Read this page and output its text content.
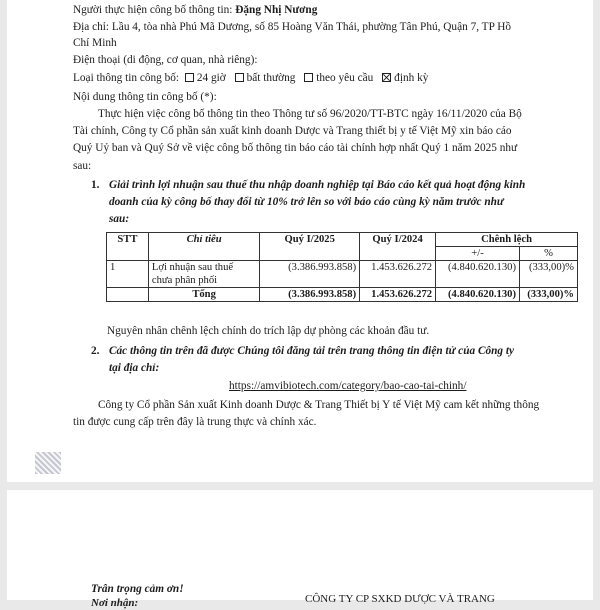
Người thực hiện công bố thông tin: Đặng Nhị Nương
Địa chỉ: Lầu 4, tòa nhà Phú Mã Dương, số 85 Hoàng Văn Thái, phường Tân Phú, Quận 7, TP Hồ
Chí Minh
Điện thoại (di động, cơ quan, nhà riêng):
Loại thông tin công bố: 24 giờ bất thường theo yêu cầu định kỳ
Nội dung thông tin công bố (*):
Thực hiện việc công bố thông tin theo Thông tư số 96/2020/TT-BTC ngày 16/11/2020 của Bộ
Tài chính, Công ty Cổ phần sản xuất kinh doanh Dược và Trang thiết bị y tế Việt Mỹ xin báo cáo
Quý Uỷ ban và Quý Sở về việc công bố thông tin báo cáo tài chính hợp nhất Quý 1 năm 2025 như
sau:
1. Giải trình lợi nhuận sau thuế thu nhập doanh nghiệp tại Báo cáo kết quả hoạt động kinh
doanh của kỳ công bố thay đổi từ 10% trở lên so với báo cáo cùng kỳ năm trước như
sau:
STT	Chỉ tiêu	Quý I/2025	Quý I/2024	Chênh lệch	
				+/-	%
1	Lợi nhuận sau thuế
chưa phân phối	(3.386.993.858)	1.453.626.272	(4.840.620.130)	(333,00)%
	Tổng	(3.386.993.858)	1.453.626.272	(4.840.620.130)	(333,00)%
Nguyên nhân chênh lệch chính do trích lập dự phòng các khoản đầu tư.
2. Các thông tin trên đã được Chúng tôi đăng tải trên trang thông tin điện tử của Công ty
tại địa chỉ:
https://amvibiotech.com/category/bao-cao-tai-chinh/
Công ty Cổ phần Sản xuất Kinh doanh Dược & Trang Thiết bị Y tế Việt Mỹ cam kết những thông
tin được cung cấp trên đây là trung thực và chính xác.
Trân trọng cảm ơn!
Nơi nhận:	CÔNG TY CP SXKD DƯỢC VÀ TRANG
